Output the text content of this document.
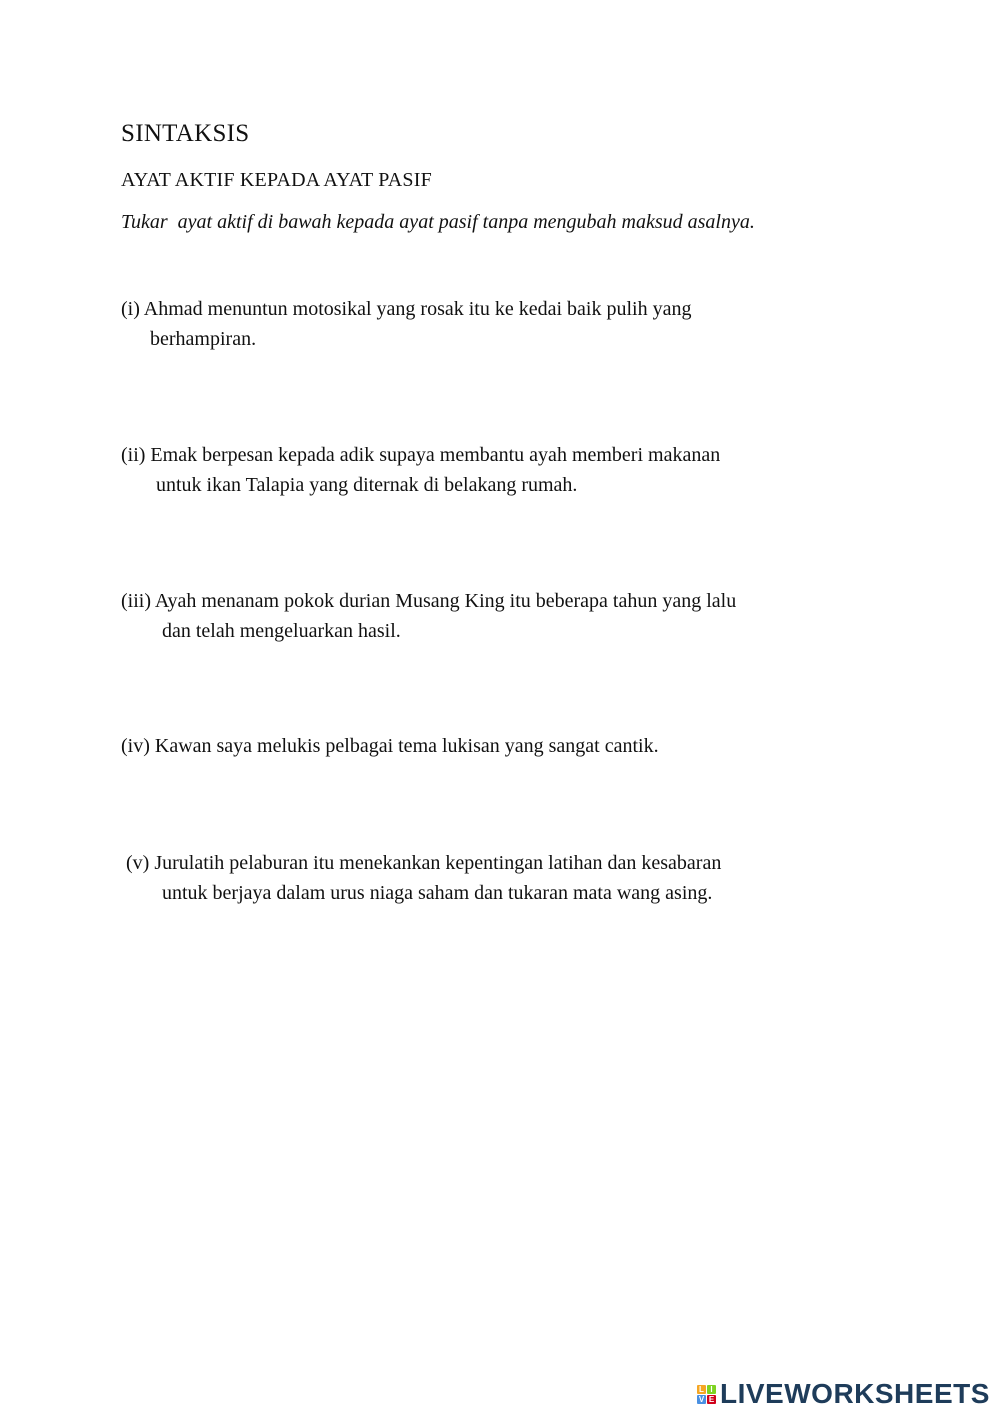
SINTAKSIS
AYAT AKTIF KEPADA AYAT PASIF
Tukar  ayat aktif di bawah kepada ayat pasif tanpa mengubah maksud asalnya.
(i) Ahmad menuntun motosikal yang rosak itu ke kedai baik pulih yang
berhampiran.
(ii) Emak berpesan kepada adik supaya membantu ayah memberi makanan
untuk ikan Talapia yang diternak di belakang rumah.
(iii) Ayah menanam pokok durian Musang King itu beberapa tahun yang lalu
dan telah mengeluarkan hasil.
(iv) Kawan saya melukis pelbagai tema lukisan yang sangat cantik.
(v) Jurulatih pelaburan itu menekankan kepentingan latihan dan kesabaran
untuk berjaya dalam urus niaga saham dan tukaran mata wang asing.
L I
V E LIVEWORKSHEETS
